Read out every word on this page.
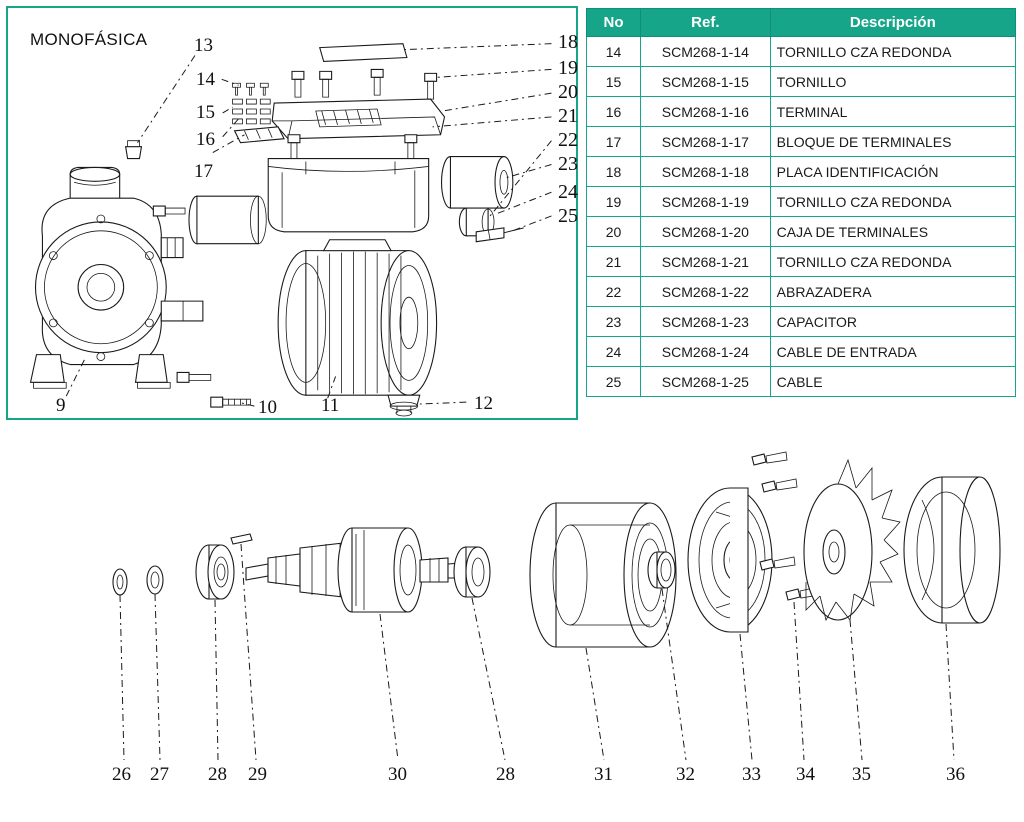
MONOFÁSICA 13
14
15
16
17
18
19
20
21
22
23
24
25
9	10 11	12
No	Ref.	Descripción
14	SCM268-1-14	TORNILLO CZA REDONDA
15	SCM268-1-15	TORNILLO
16	SCM268-1-16	TERMINAL
17	SCM268-1-17	BLOQUE DE TERMINALES
18	SCM268-1-18	PLACA IDENTIFICACIÓN
19	SCM268-1-19	TORNILLO CZA REDONDA
20	SCM268-1-20	CAJA DE TERMINALES
21	SCM268-1-21	TORNILLO CZA REDONDA
22	SCM268-1-22	ABRAZADERA
23	SCM268-1-23	CAPACITOR
24	SCM268-1-24	CABLE DE ENTRADA
25	SCM268-1-25	CABLE
26 27 28 29	30	28	31	32 33 34 35	36
